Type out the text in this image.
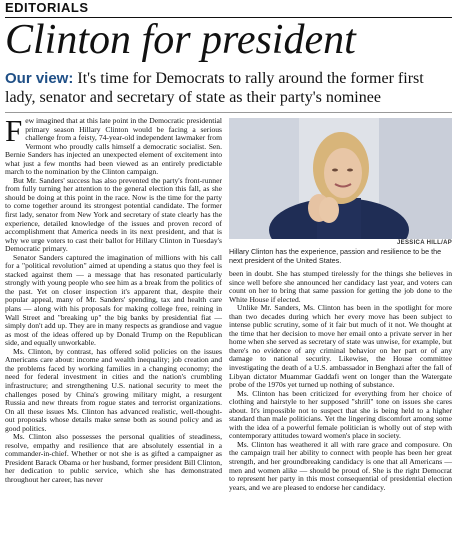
EDITORIALS
Clinton for president
Our view: It's time for Democrats to rally around the former first lady, senator and secretary of state as their party's nominee

Few imagined that at this late point in the Democratic presidential primary season Hillary Clinton would be facing a serious challenge from a feisty, 74-year-old independent lawmaker from Vermont who proudly calls himself a democratic socialist. Sen. Bernie Sanders has injected an unexpected element of excitement into what just a few months had been viewed as an entirely predictable march to the nomination by the Clinton campaign.

But Mr. Sanders' success has also prevented the party's front-runner from fully turning her attention to the general election this fall, as she should be doing at this point in the race. Now is the time for the party to come together around its strongest potential candidate. The former first lady, senator from New York and secretary of state clearly has the experience, detailed knowledge of the issues and proven record of accomplishment that America needs in its next president, and that is why we urge voters to cast their ballot for Hillary Clinton in Tuesday's Democratic primary.

Senator Sanders captured the imagination of millions with his call for a "political revolution" aimed at upending a status quo they feel is stacked against them — a message that has resonated particularly strongly with young people who see him as a break from the politics of the past. Yet on closer inspection it's apparent that, despite their popular appeal, many of Mr. Sanders' spending, tax and health care plans — along with his proposals for making college free, reining in Wall Street and "breaking up" the big banks by presidential fiat — simply don't add up. They are in many respects as grandiose and vague as most of the ideas offered up by Donald Trump on the Republican side, and equally unworkable.

Ms. Clinton, by contrast, has offered solid policies on the issues Americans care about: income and wealth inequality; job creation and the problems faced by working families in a changing economy; the need for federal investment in cities and the nation's crumbling infrastructure; and strengthening U.S. national security to meet the challenges posed by China's growing military might, a resurgent Russia and new threats from rogue states and terrorist organizations. On all these issues Ms. Clinton has advanced realistic, well-thought-out proposals whose details make sense both as sound policy and as good politics.

Ms. Clinton also possesses the personal qualities of steadiness, resolve, empathy and resilience that are absolutely essential in a commander-in-chief. Whether or not she is as gifted a campaigner as President Barack Obama or her husband, former president Bill Clinton, her dedication to public service, which she has demonstrated throughout her career, has never

JESSICA HILL/AP
Hillary Clinton has the experience, passion and resilience to be the next president of the United States.

been in doubt. She has stumped tirelessly for the things she believes in since well before she announced her candidacy last year, and voters can count on her to bring that same passion for getting the job done to the White House if elected.

Unlike Mr. Sanders, Ms. Clinton has been in the spotlight for more than two decades during which her every move has been subject to intense public scrutiny, some of it fair but much of it not. We thought at the time that her decision to move her email onto a private server in her home when she served as secretary of state was unwise, for example, but there's no evidence of any criminal behavior on her part or of any damage to national security. Likewise, the House committee investigating the death of a U.S. ambassador in Benghazi after the fall of Libyan dictator Muammar Gaddafi went on longer than the Watergate probe of the 1970s yet turned up nothing of substance.

Ms. Clinton has been criticized for everything from her choice of clothing and hairstyle to her supposed "shrill" tone on issues she cares about. It's impossible not to suspect that she is being held to a higher standard than male politicians. Yet the lingering discomfort among some with the idea of a powerful female politician is wholly out of step with contemporary attitudes toward women's place in society.

Ms. Clinton has weathered it all with rare grace and composure. On the campaign trail her ability to connect with people has been her great strength, and her groundbreaking candidacy is one that all Americans — men and women alike — should be proud of. She is the right Democrat to represent her party in this most consequential of presidential election years, and we are pleased to endorse her candidacy.
